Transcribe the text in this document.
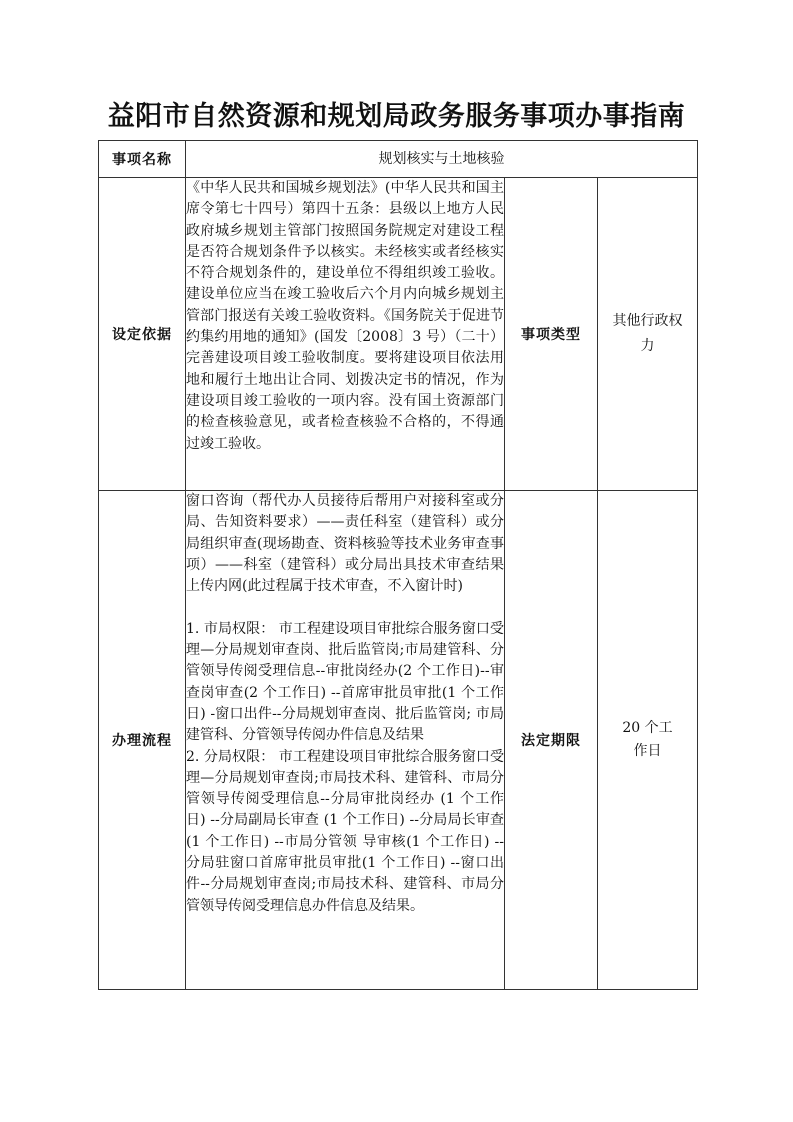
益阳市自然资源和规划局政务服务事项办事指南
事项名称	规划核实与土地核验		
设定依据	《中华人民共和国城乡规划法》(中华人民共和国主席令第七十四号）第四十五条：县级以上地方人民政府城乡规划主管部门按照国务院规定对建设工程是否符合规划条件予以核实。未经核实或者经核实不符合规划条件的，建设单位不得组织竣工验收。建设单位应当在竣工验收后六个月内向城乡规划主管部门报送有关竣工验收资料。《国务院关于促进节约集约用地的通知》(国发〔2008〕3 号）（二十）完善建设项目竣工验收制度。要将建设项目依法用地和履行土地出让合同、划拨决定书的情况，作为建设项目竣工验收的一项内容。没有国土资源部门的检查核验意见，或者检查核验不合格的，不得通过竣工验收。	事项类型	其他行政权力

办理流程	窗口咨询（帮代办人员接待后帮用户对接科室或分局、告知资料要求）——责任科室（建管科）或分局组织审查(现场勘查、资料核验等技术业务审查事项）——科室（建管科）或分局出具技术审查结果上传内网(此过程属于技术审查，不入窗计时)

1. 市局权限： 市工程建设项目审批综合服务窗口受理—分局规划审查岗、批后监管岗;市局建管科、分管领导传阅受理信息--审批岗经办(2 个工作日)--审查岗审查(2 个工作日) --首席审批员审批(1 个工作日) -窗口出件--分局规划审查岗、批后监管岗; 市局建管科、分管领导传阅办件信息及结果
2. 分局权限： 市工程建设项目审批综合服务窗口受理—分局规划审查岗;市局技术科、建管科、市局分管领导传阅受理信息--分局审批岗经办 (1 个工作日) --分局副局长审查 (1 个工作日) --分局局长审查 (1 个工作日) --市局分管领 导审核(1 个工作日) --分局驻窗口首席审批员审批(1 个工作日) --窗口出件--分局规划审查岗;市局技术科、建管科、市局分管领导传阅受理信息办件信息及结果。	法定期限	20 个工作日
